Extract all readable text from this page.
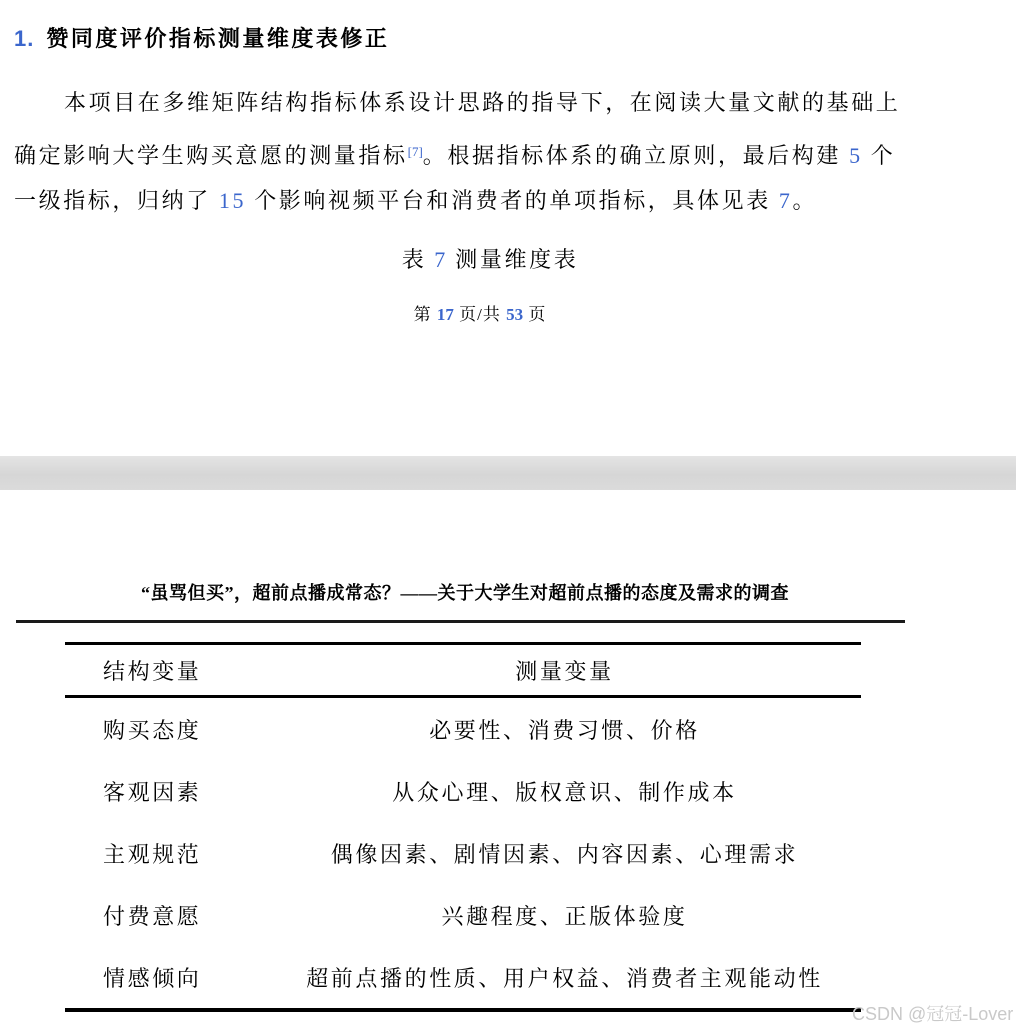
1. 赞同度评价指标测量维度表修正
本项目在多维矩阵结构指标体系设计思路的指导下，在阅读大量文献的基础上
确定影响大学生购买意愿的测量指标[7]。根据指标体系的确立原则，最后构建 5 个
一级指标，归纳了 15 个影响视频平台和消费者的单项指标，具体见表 7。
表 7 测量维度表
第 17 页/共 53 页
“虽骂但买”，超前点播成常态？——关于大学生对超前点播的态度及需求的调查
结构变量	测量变量
购买态度	必要性、消费习惯、价格
客观因素	从众心理、版权意识、制作成本
主观规范	偶像因素、剧情因素、内容因素、心理需求
付费意愿	兴趣程度、正版体验度
情感倾向	超前点播的性质、用户权益、消费者主观能动性
CSDN @冠冠-Lover
